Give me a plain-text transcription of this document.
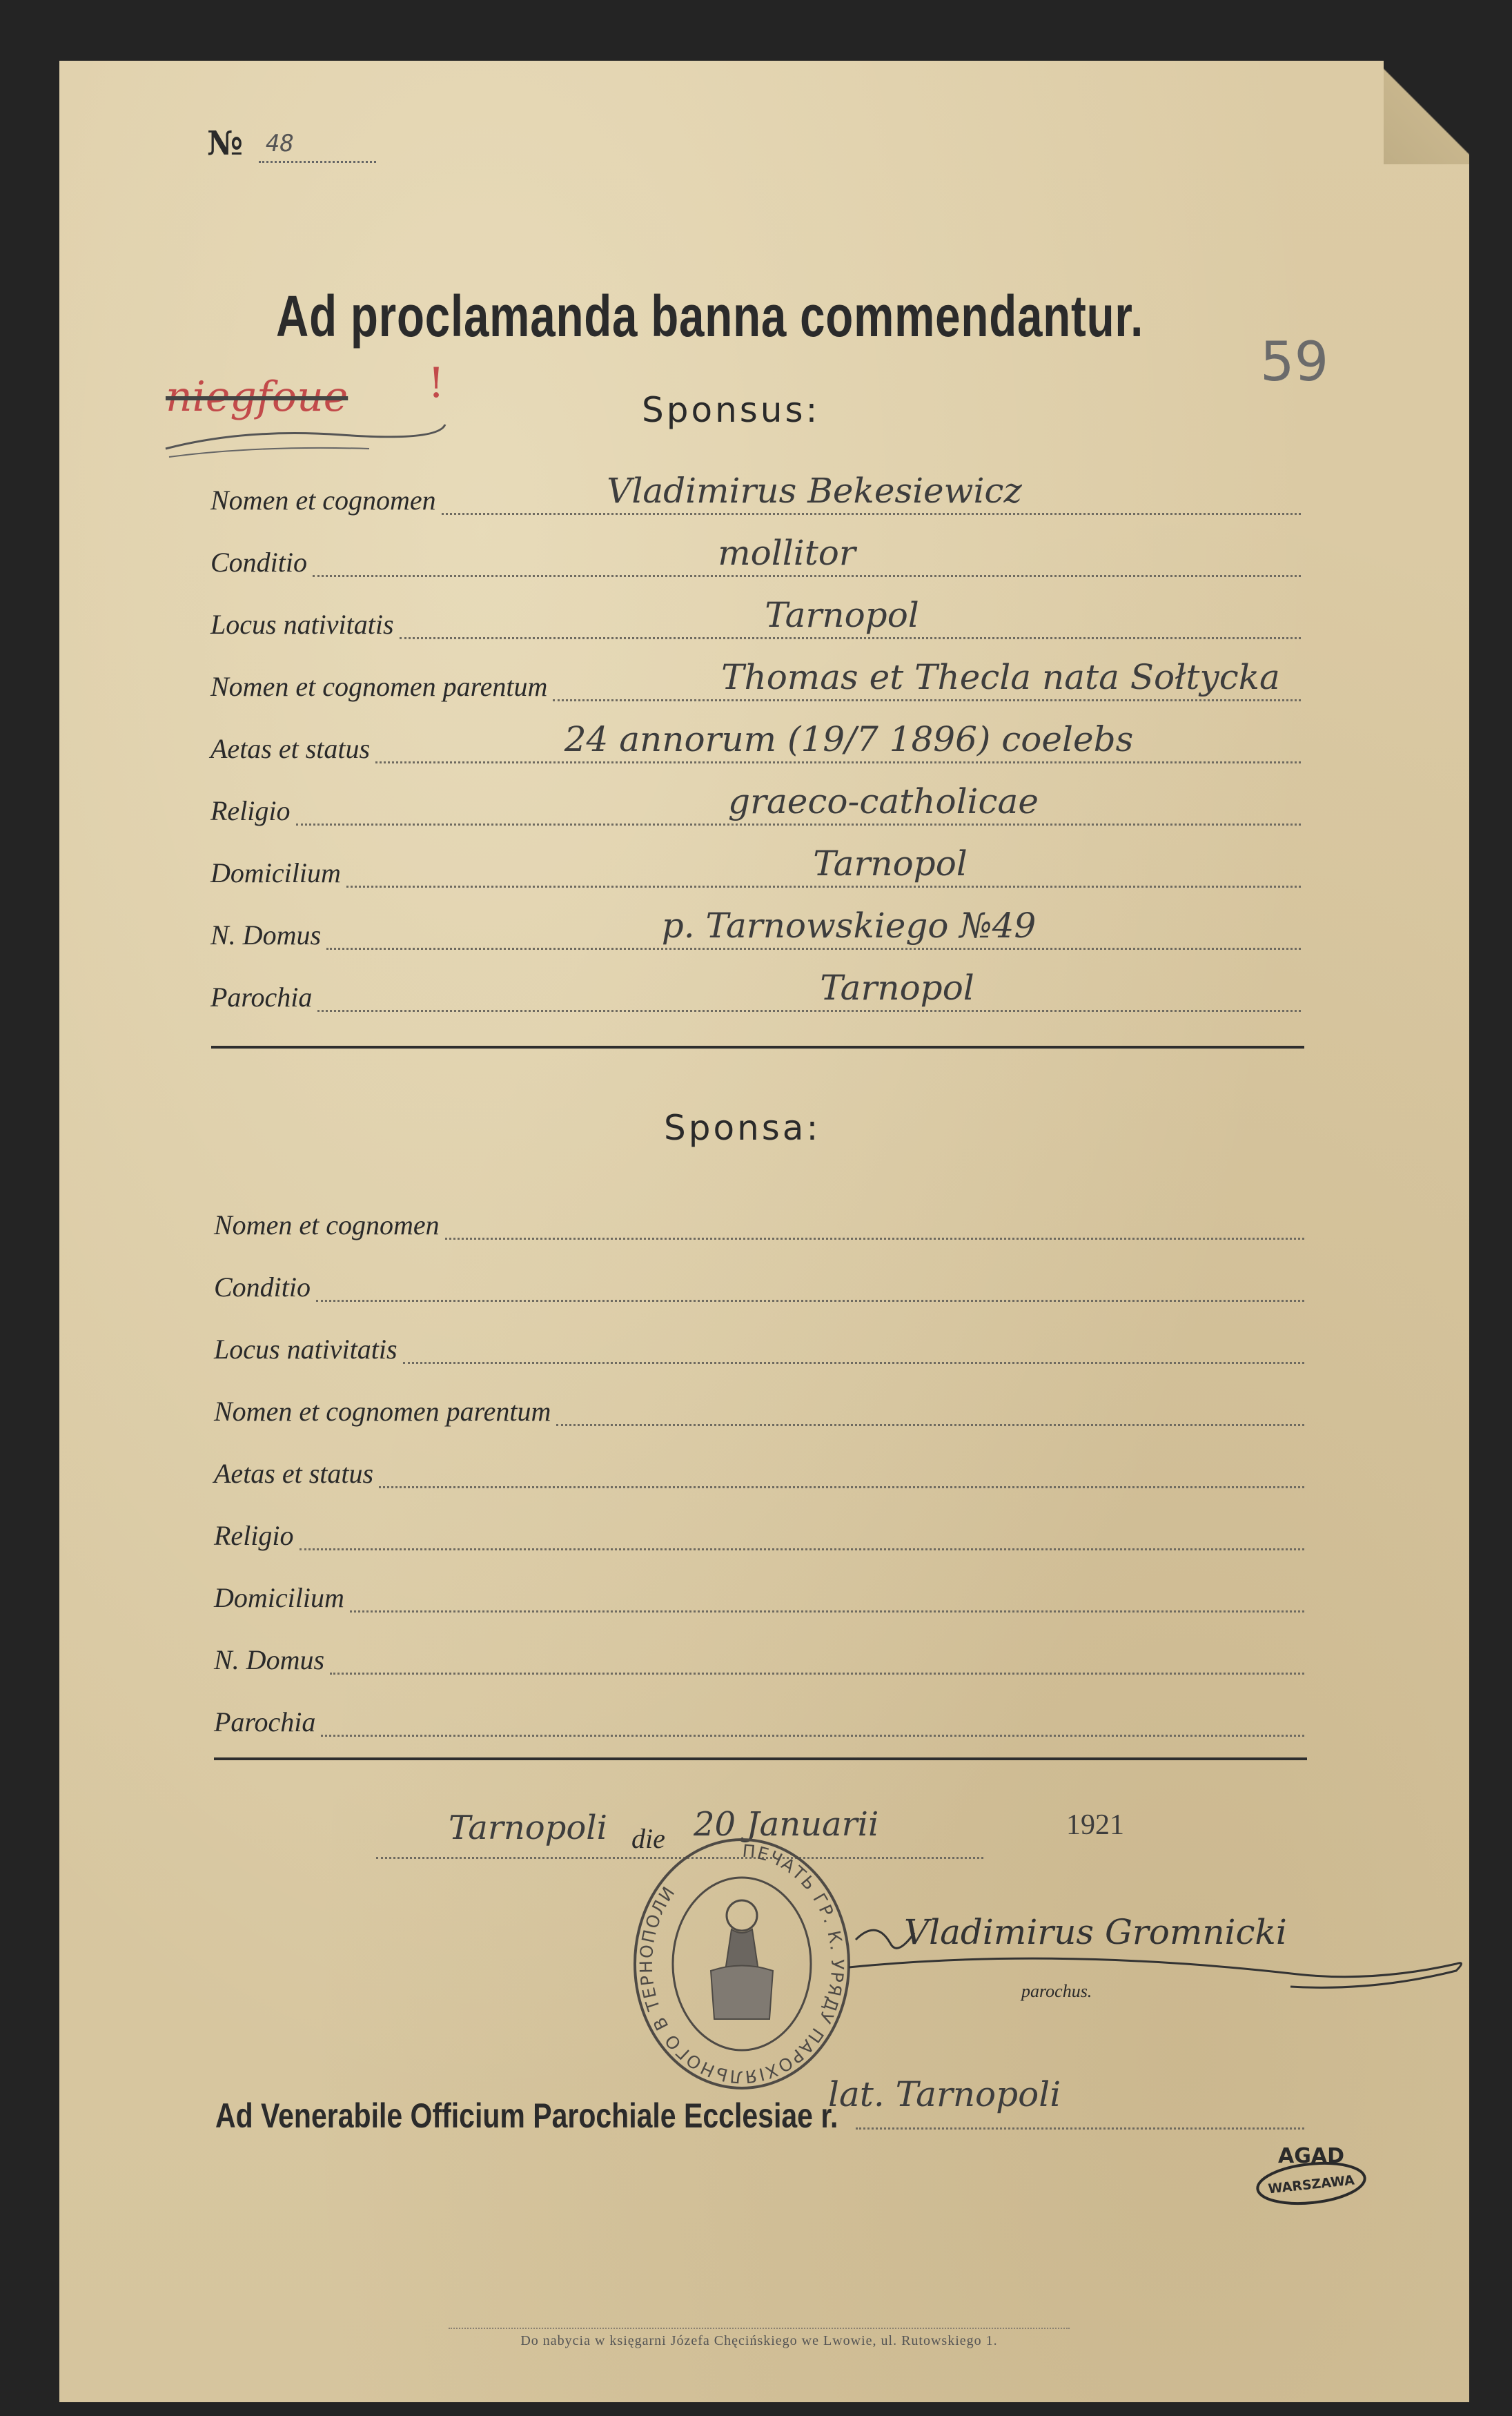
№ 48
Ad proclamanda banna commendantur.
59
niegfoue !
Sponsus:
Nomen et cognomen	Vladimirus Bekesiewicz
Conditio	mollitor
Locus nativitatis	Tarnopol
Nomen et cognomen parentum	Thomas et Thecla nata Sołtycka
Aetas et status	24 annorum (19/7 1896) coelebs
Religio	graeco-catholicae
Domicilium	Tarnopol
N. Domus	p. Tarnowskiego №49
Parochia	Tarnopol
Sponsa:
Nomen et cognomen
Conditio
Locus nativitatis
Nomen et cognomen parentum
Aetas et status
Religio
Domicilium
N. Domus
Parochia
Tarnopoli die 20 Januarii	1921
ПЕЧАТЬ ГР. К. УРЯДУ ПАРОХІЯЛЬНОГО В ТЕРНОПОЛИ
Vladimirus Gromnicki
parochus.
Ad Venerabile Officium Parochiale Ecclesiae r.
lat. Tarnopoli
AGAD
WARSZAWA
Do nabycia w księgarni Józefa Chęcińskiego we Lwowie, ul. Rutowskiego 1.
